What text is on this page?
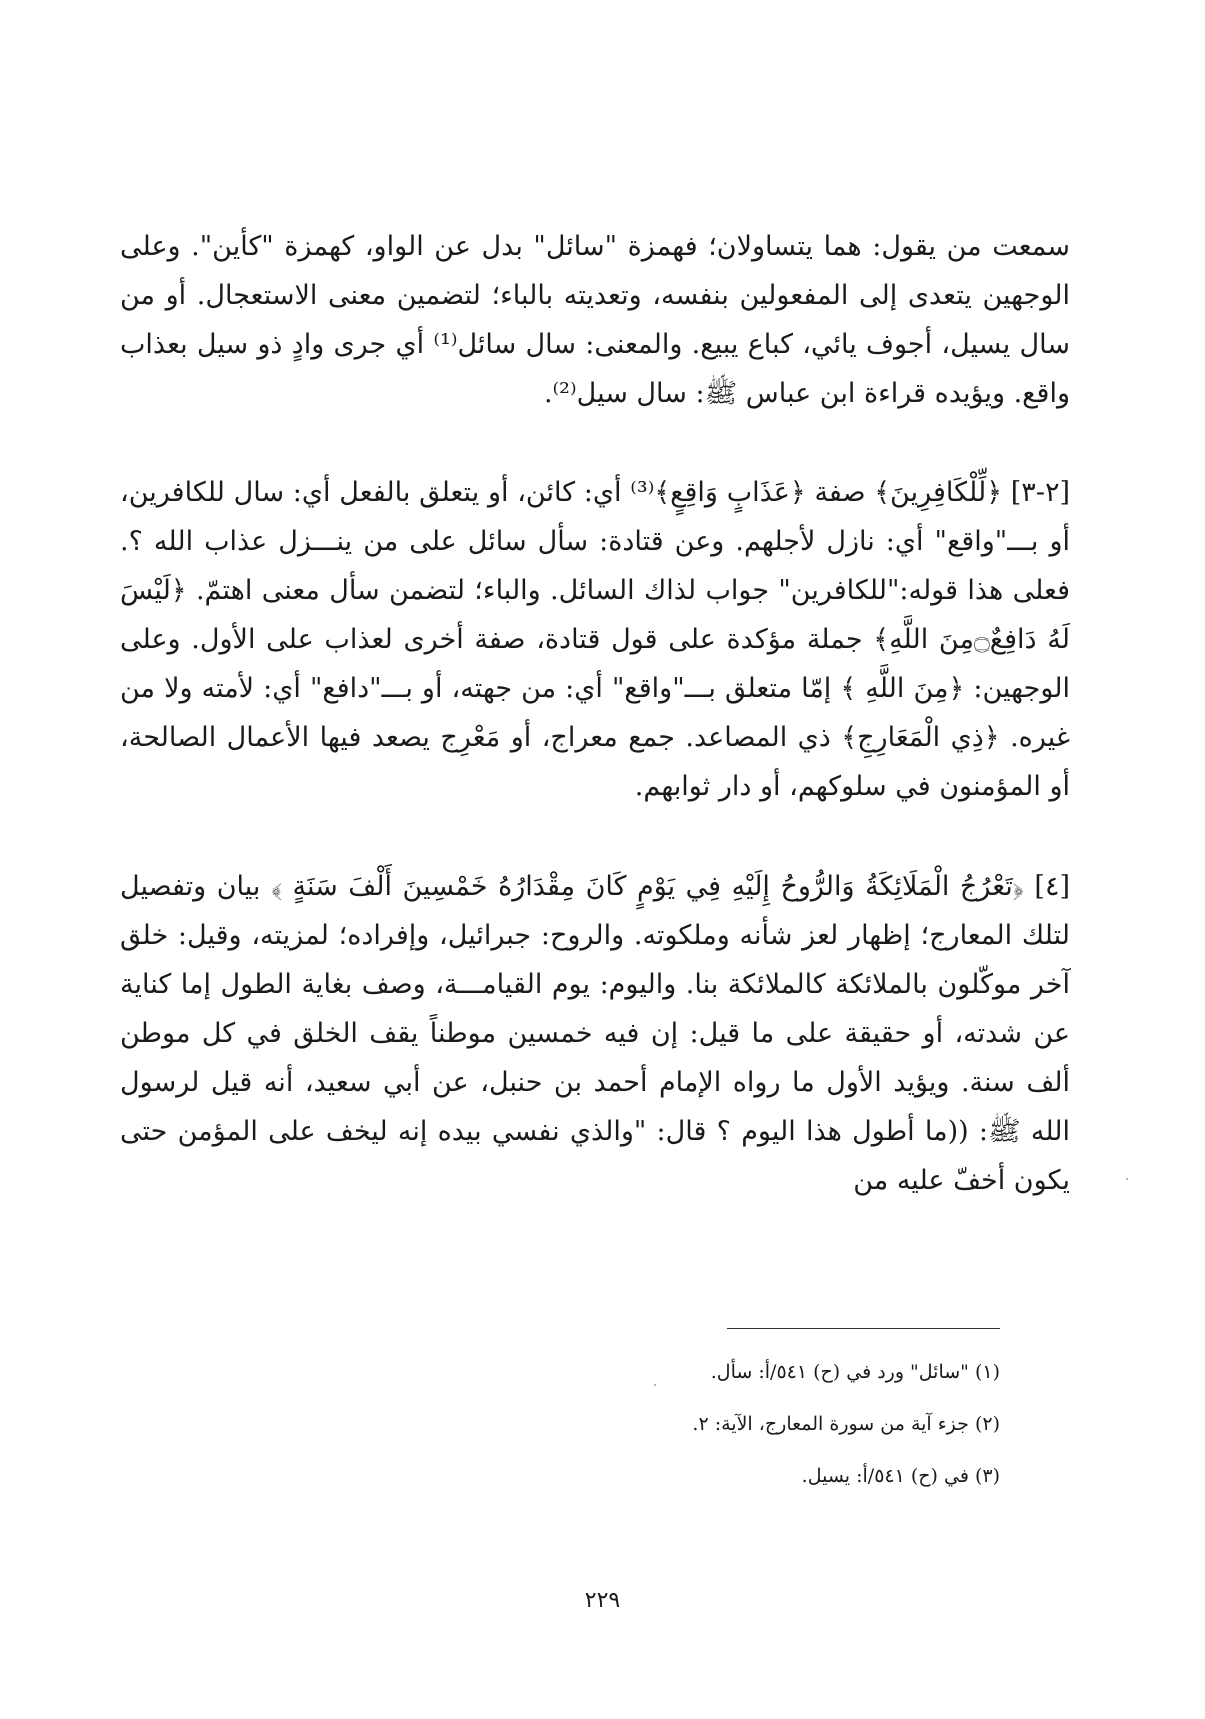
سمعت من يقول: هما يتساولان؛ فهمزة "سائل" بدل عن الواو، كهمزة "كأين". وعلى الوجهين يتعدى إلى المفعولين بنفسه، وتعديته بالباء؛ لتضمين معنى الاستعجال. أو من سال يسيل، أجوف يائي، كباع يبيع. والمعنى: سال سائل⁽¹⁾ أي جرى وادٍ ذو سيل بعذاب واقع. ويؤيده قراءة ابن عباس ﷺ: سال سيل⁽²⁾.

[٢-٣] ﴿لِّلْكَافِرِينَ﴾ صفة ﴿عَذَابٍ وَاقِعٍ﴾⁽³⁾ أي: كائن، أو يتعلق بالفعل أي: سال للكافرين، أو بـــ"واقع" أي: نازل لأجلهم. وعن قتادة: سأل سائل على من ينـــزل عذاب الله ؟. فعلى هذا قوله:"للكافرين" جواب لذاك السائل. والباء؛ لتضمن سأل معنى اهتمّ. ﴿لَيْسَ لَهُ دَافِعٌ۝مِنَ اللَّهِ﴾ جملة مؤكدة على قول قتادة، صفة أخرى لعذاب على الأول. وعلى الوجهين: ﴿مِنَ اللَّهِ ﴾ إمّا متعلق بـــ"واقع" أي: من جهته، أو بـــ"دافع" أي: لأمته ولا من غيره. ﴿ذِي الْمَعَارِجِ﴾ ذي المصاعد. جمع معراج، أو مَعْرِج يصعد فيها الأعمال الصالحة، أو المؤمنون في سلوكهم، أو دار ثوابهم.

[٤] ﴿تَعْرُجُ الْمَلَائِكَةُ وَالرُّوحُ إِلَيْهِ فِي يَوْمٍ كَانَ مِقْدَارُهُ خَمْسِينَ أَلْفَ سَنَةٍ ﴾ بيان وتفصيل لتلك المعارج؛ إظهار لعز شأنه وملكوته. والروح: جبرائيل، وإفراده؛ لمزيته، وقيل: خلق آخر موكّلون بالملائكة كالملائكة بنا. واليوم: يوم القيامـــة، وصف بغاية الطول إما كناية عن شدته، أو حقيقة على ما قيل: إن فيه خمسين موطناً يقف الخلق في كل موطن ألف سنة. ويؤيد الأول ما رواه الإمام أحمد بن حنبل، عن أبي سعيد، أنه قيل لرسول الله ﷺ: ((ما أطول هذا اليوم ؟ قال: "والذي نفسي بيده إنه ليخف على المؤمن حتى يكون أخفّ عليه من

(١) "سائل" ورد في (ح) ٥٤١/أ: سأل.
(٢) جزء آية من سورة المعارج، الآية: ٢.
(٣) في (ح) ٥٤١/أ: يسيل.
٢٢٩
